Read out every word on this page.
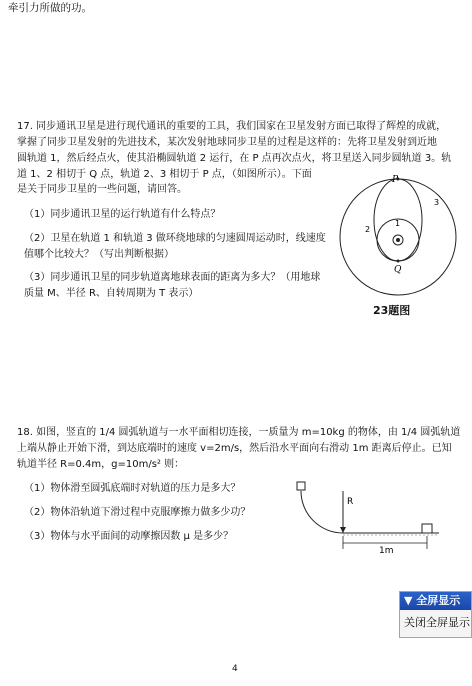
牵引力所做的功。
17. 同步通讯卫星是进行现代通讯的重要的工具，我们国家在卫星发射方面已取得了辉煌的成就，
掌握了同步卫星发射的先进技术，某次发射地球同步卫星的过程是这样的：先将卫星发射到近地
圆轨道 1，然后经点火，使其沿椭圆轨道 2 运行，在 P 点再次点火，将卫星送入同步圆轨道 3。轨
道 1、2 相切于 Q 点，轨道 2、3 相切于 P 点，（如图所示）。下面
是关于同步卫星的一些问题，请回答。
（1）同步通讯卫星的运行轨道有什么特点？
（2）卫星在轨道 1 和轨道 3 做环绕地球的匀速圆周运动时，线速度
值哪个比较大？（写出判断根据）
（3）同步通讯卫星的同步轨道离地球表面的距离为多大？（用地球
质量 M、半径 R、自转周期为 T 表示）
P
Q
1
2
3
23题图
18. 如图，竖直的 1/4 圆弧轨道与一水平面相切连接，一质量为 m=10kg 的物体，由 1/4 圆弧轨道
上端从静止开始下滑，到达底端时的速度 v=2m/s，然后沿水平面向右滑动 1m 距离后停止。已知
轨道半径 R=0.4m，g=10m/s² 则：
（1）物体滑至圆弧底端时对轨道的压力是多大？
（2）物体沿轨道下滑过程中克服摩擦力做多少功？
（3）物体与水平面间的动摩擦因数 μ 是多少？
R
1m
▼ 全屏显示
关闭全屏显示
4
